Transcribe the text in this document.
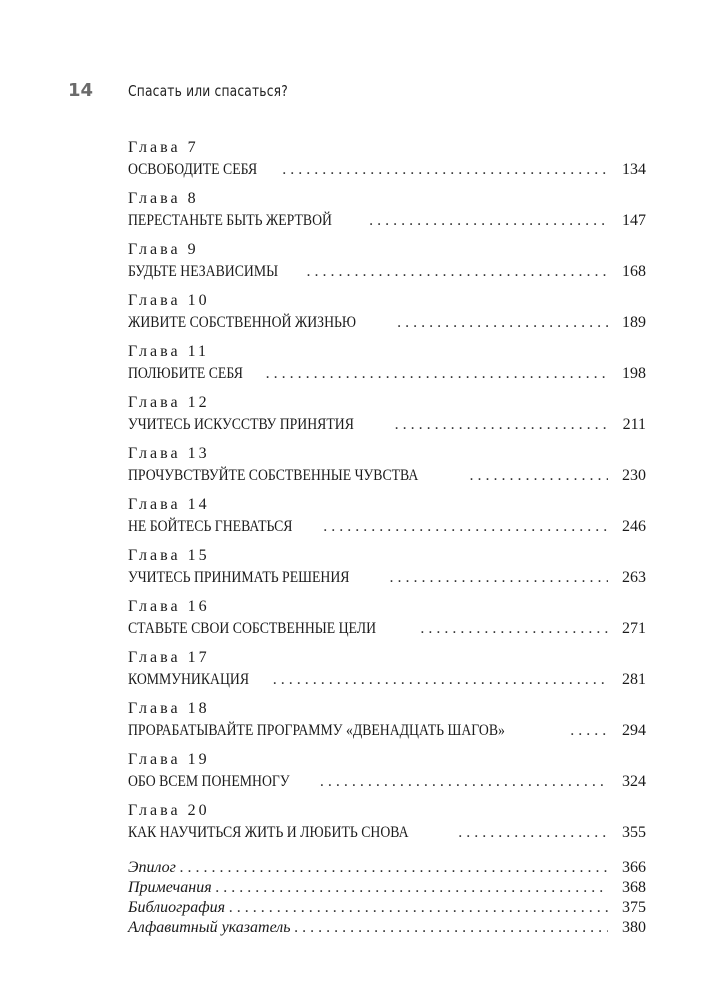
14	Спасать или спасаться?
Глава 7
ОСВОБОДИТЕ СЕБЯ . . .	134
Глава 8
ПЕРЕСТАНЬТЕ БЫТЬ ЖЕРТВОЙ . . .	147
Глава 9
БУДЬТЕ НЕЗАВИСИМЫ . . .	168
Глава 10
ЖИВИТЕ СОБСТВЕННОЙ ЖИЗНЬЮ . . .	189
Глава 11
ПОЛЮБИТЕ СЕБЯ . . .	198
Глава 12
УЧИТЕСЬ ИСКУССТВУ ПРИНЯТИЯ . . .	211
Глава 13
ПРОЧУВСТВУЙТЕ СОБСТВЕННЫЕ ЧУВСТВА . . .	230
Глава 14
НЕ БОЙТЕСЬ ГНЕВАТЬСЯ . . .	246
Глава 15
УЧИТЕСЬ ПРИНИМАТЬ РЕШЕНИЯ . . .	263
Глава 16
СТАВЬТЕ СВОИ СОБСТВЕННЫЕ ЦЕЛИ . . .	271
Глава 17
КОММУНИКАЦИЯ . . .	281
Глава 18
ПРОРАБАТЫВАЙТЕ ПРОГРАММУ «ДВЕНАДЦАТЬ ШАГОВ» . . .	294
Глава 19
ОБО ВСЕМ ПОНЕМНОГУ . . .	324
Глава 20
КАК НАУЧИТЬСЯ ЖИТЬ И ЛЮБИТЬ СНОВА . . .	355
Эпилог . . .	366
Примечания . . .	368
Библиография . . .	375
Алфавитный указатель . . .	380
